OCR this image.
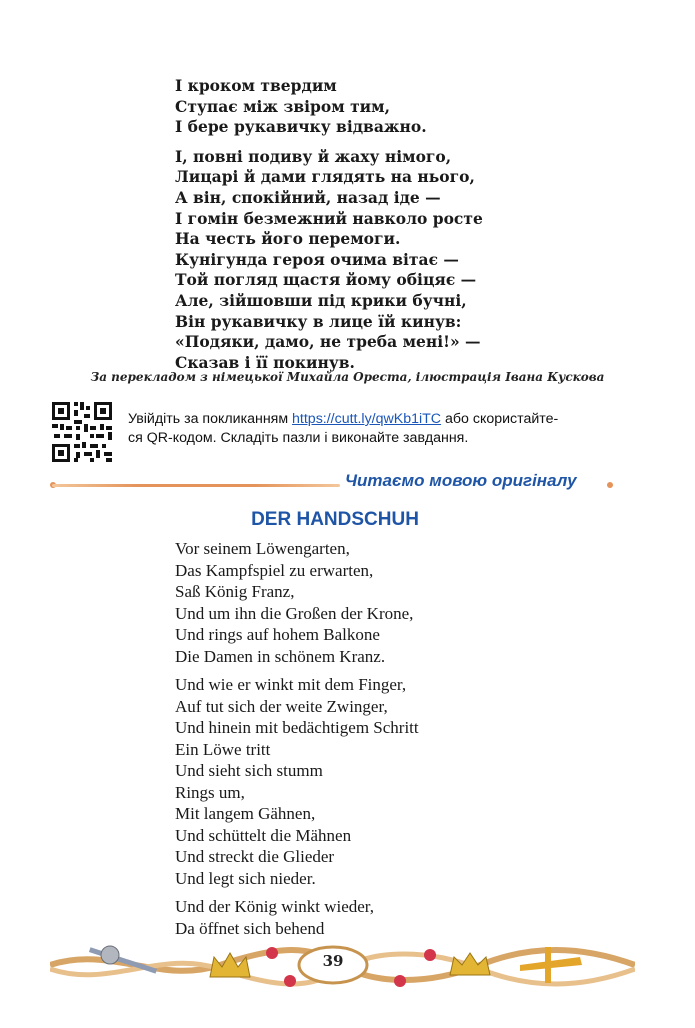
І кроком твердим
Ступає між звіром тим,
І бере рукавичку відважно.
І, повні подиву й жаху німого,
Лицарі й дами глядять на нього,
А він, спокійний, назад іде —
І гомін безмежний навколо росте
На честь його перемоги.
Кунігунда героя очима вітає —
Той погляд щастя йому обіцяє —
Але, зійшовши під крики бучні,
Він рукавичку в лице їй кинув:
«Подяки, дамо, не треба мені!» —
Сказав і її покинув.
За перекладом з німецької Михайла Ореста, ілюстрація Івана Кускова
Увійдіть за покликанням https://cutt.ly/qwKb1iTC або скористайте-
ся QR-кодом. Складіть пазли і виконайте завдання.
Читаємо мовою оригіналу
DER HANDSCHUH
Vor seinem Löwengarten,
Das Kampfspiel zu erwarten,
Saß König Franz,
Und um ihn die Großen der Krone,
Und rings auf hohem Balkone
Die Damen in schönem Kranz.
Und wie er winkt mit dem Finger,
Auf tut sich der weite Zwinger,
Und hinein mit bedächtigem Schritt
Ein Löwe tritt
Und sieht sich stumm
Rings um,
Mit langem Gähnen,
Und schüttelt die Mähnen
Und streckt die Glieder
Und legt sich nieder.
Und der König winkt wieder,
Da öffnet sich behend
39
